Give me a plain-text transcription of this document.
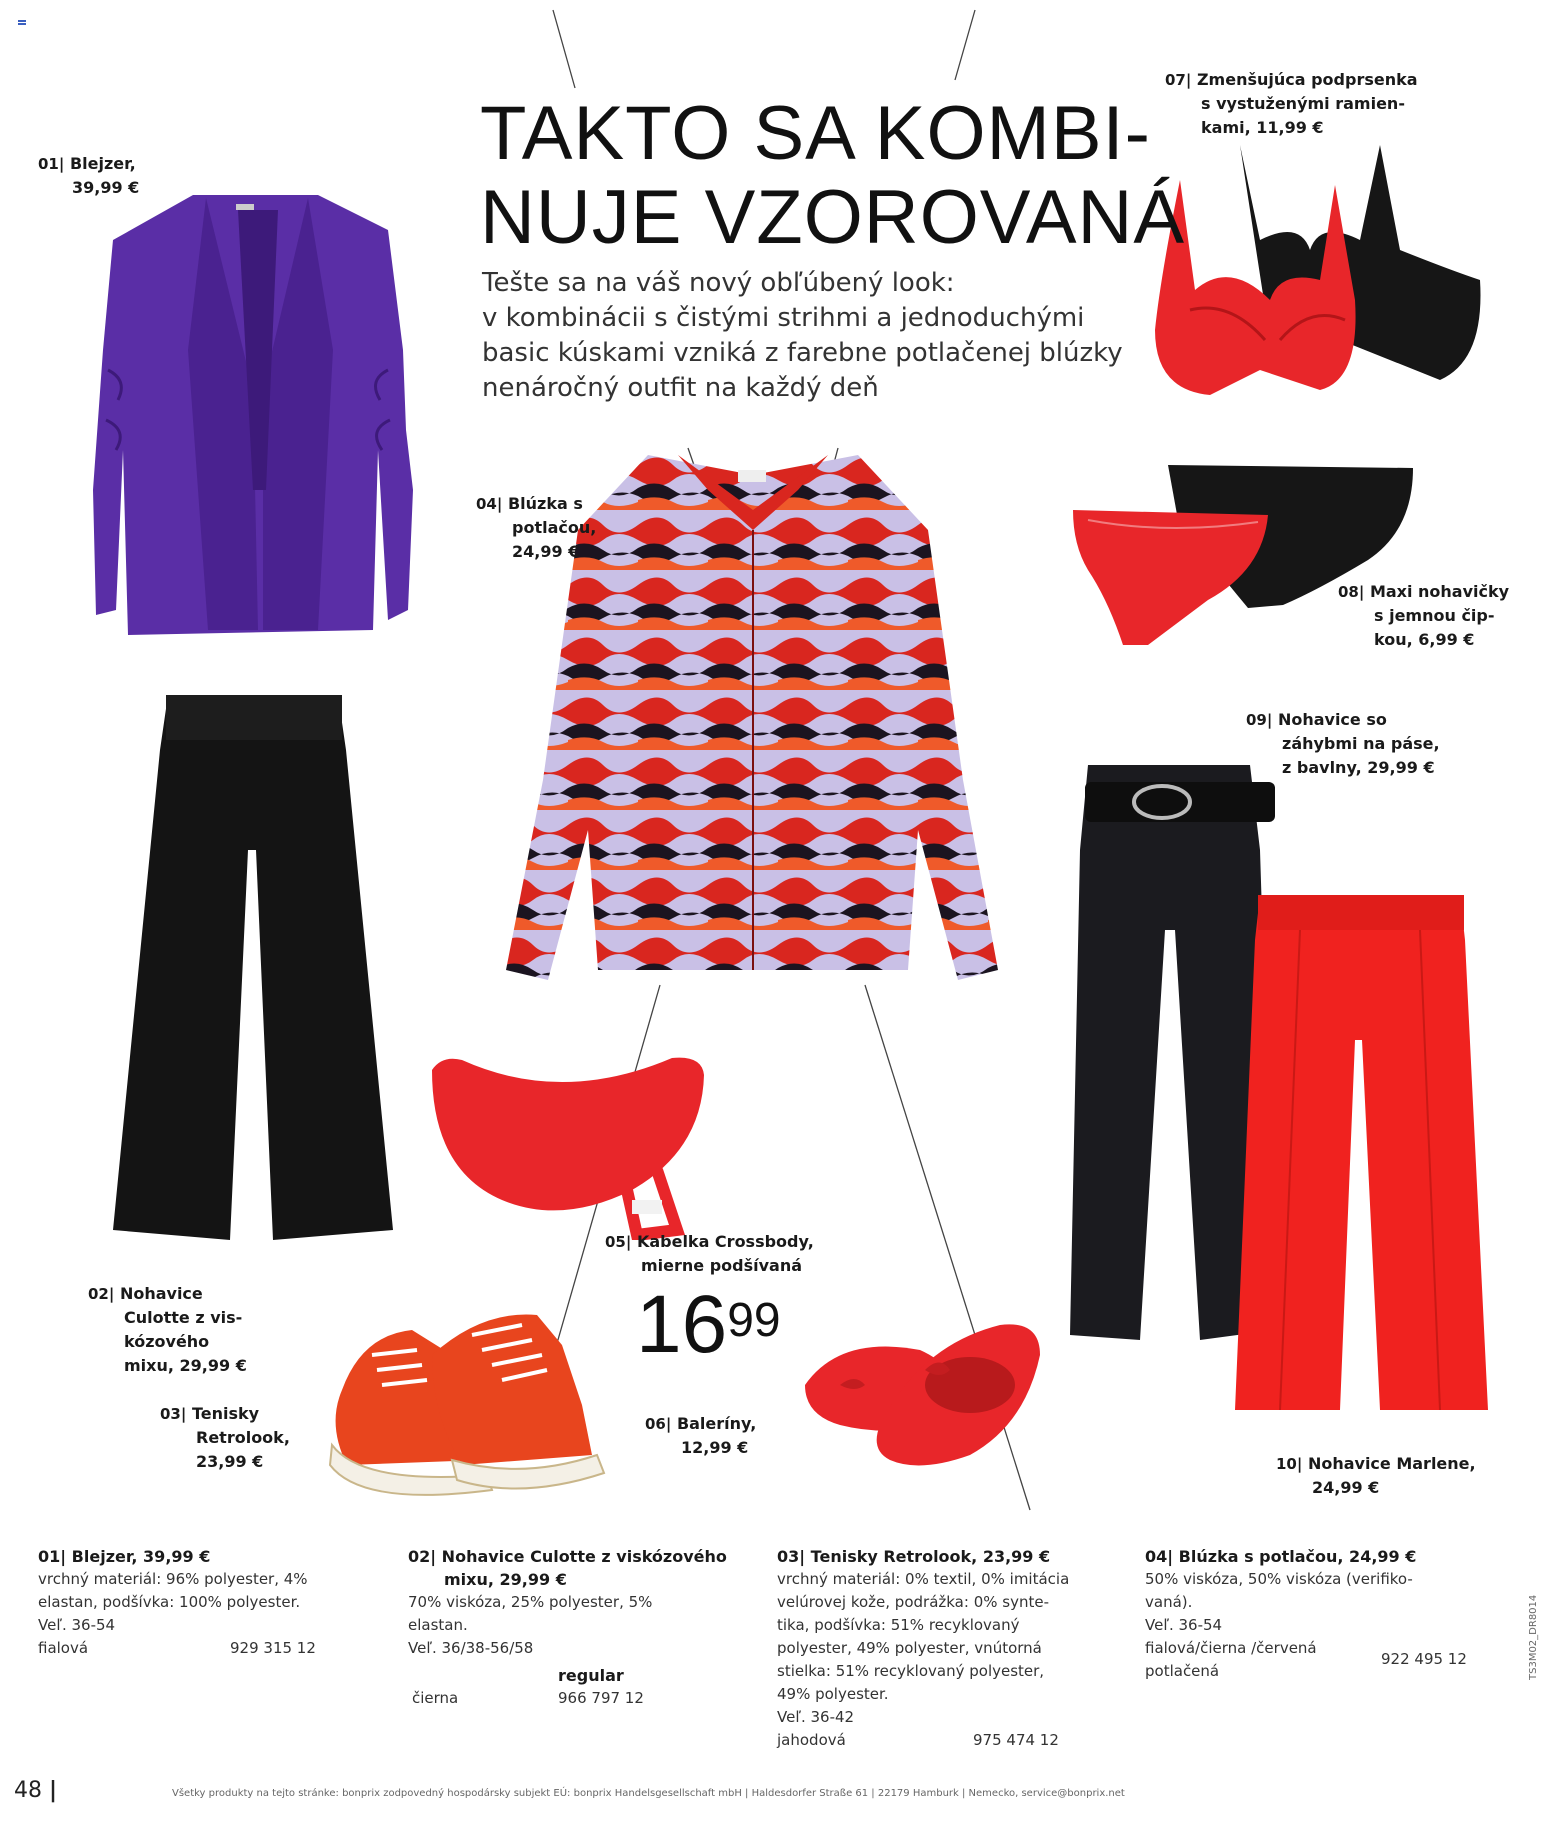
TAKTO SA KOMBI-
NUJE VZOROVANÁ
Tešte sa na váš nový obľúbený look:
v kombinácii s čistými strihmi a jednoduchými
basic kúskami vzniká z farebne potlačenej blúzky
nenáročný outfit na každý deň
01| Blejzer,
39,99 €
02| Nohavice
Culotte z vis-
kózového
mixu, 29,99 €
03| Tenisky
Retrolook,
23,99 €
04| Blúzka s
potlačou,
24,99 €
05| Kabelka Crossbody,
mierne podšívaná
$16^{99}$
06| Baleríny,
12,99 €
07| Zmenšujúca podprsenka
s vystuženými ramien-
kami, 11,99 €
08| Maxi nohavičky
s jemnou čip-
kou, 6,99 €
09| Nohavice so
záhybmi na páse,
z bavlny, 29,99 €
10| Nohavice Marlene,
24,99 €
01| Blejzer, 39,99 €
vrchný materiál: 96% polyester, 4%
elastan, podšívka: 100% polyester.
Veľ. 36-54
fialová	929 315 12
02| Nohavice Culotte z viskózového
mixu, 29,99 €
70% viskóza, 25% polyester, 5%
elastan.
Veľ. 36/38-56/58
regular
čierna	966 797 12
03| Tenisky Retrolook, 23,99 €
vrchný materiál: 0% textil, 0% imitácia
velúrovej kože, podrážka: 0% synte-
tika, podšívka: 51% recyklovaný
polyester, 49% polyester, vnútorná
stielka: 51% recyklovaný polyester,
49% polyester.
Veľ. 36-42
jahodová	975 474 12
04| Blúzka s potlačou, 24,99 €
50% viskóza, 50% viskóza (verifiko-
vaná).
Veľ. 36-54
fialová/čierna /červená
potlačená
922 495 12
48 |	Všetky produkty na tejto stránke: bonprix zodpovedný hospodársky subjekt EÚ: bonprix Handelsgesellschaft mbH | Haldesdorfer Straße 61 | 22179 Hamburk | Nemecko, service@bonprix.net
TS3M02_DR8014
